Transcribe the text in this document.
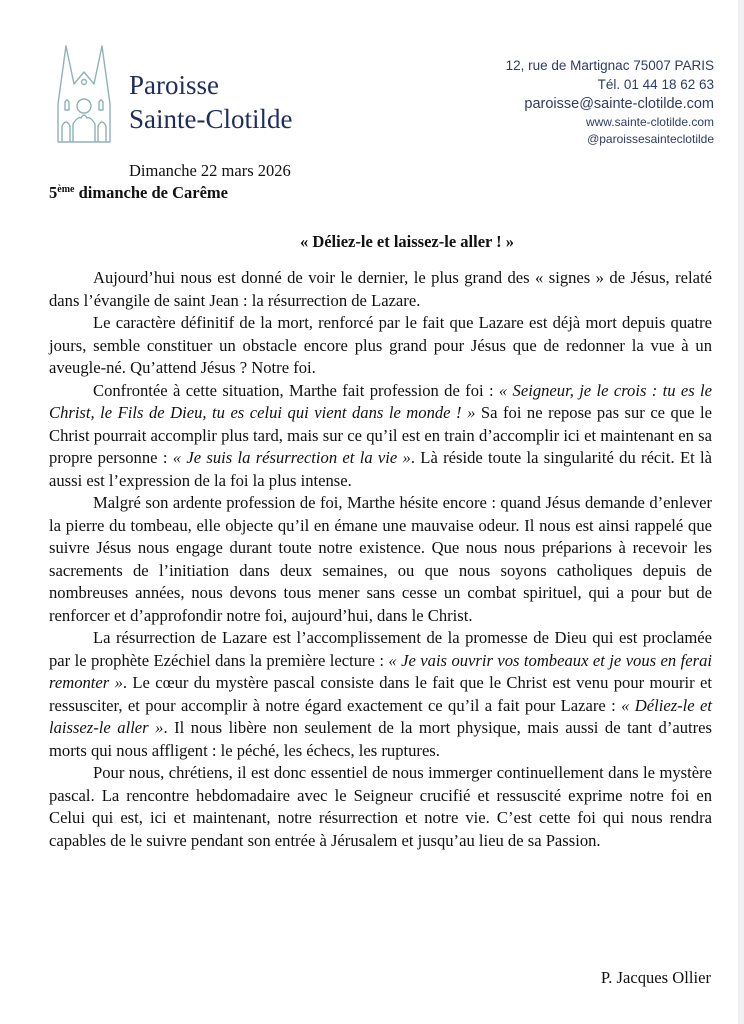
Paroisse
Sainte-Clotilde
12, rue de Martignac 75007 PARIS
Tél. 01 44 18 62 63
paroisse@sainte-clotilde.com
www.sainte-clotilde.com
@paroissesainteclotilde
Dimanche 22 mars 2026
5ème dimanche de Carême
« Déliez-le et laissez-le aller ! »

Aujourd’hui nous est donné de voir le dernier, le plus grand des « signes » de Jésus, relaté dans l’évangile de saint Jean : la résurrection de Lazare.

Le caractère définitif de la mort, renforcé par le fait que Lazare est déjà mort depuis quatre jours, semble constituer un obstacle encore plus grand pour Jésus que de redonner la vue à un aveugle-né. Qu’attend Jésus ? Notre foi.

Confrontée à cette situation, Marthe fait profession de foi : « Seigneur, je le crois : tu es le Christ, le Fils de Dieu, tu es celui qui vient dans le monde ! » Sa foi ne repose pas sur ce que le Christ pourrait accomplir plus tard, mais sur ce qu’il est en train d’accomplir ici et maintenant en sa propre personne : « Je suis la résurrection et la vie ». Là réside toute la singularité du récit. Et là aussi est l’expression de la foi la plus intense.

Malgré son ardente profession de foi, Marthe hésite encore : quand Jésus demande d’enlever la pierre du tombeau, elle objecte qu’il en émane une mauvaise odeur. Il nous est ainsi rappelé que suivre Jésus nous engage durant toute notre existence. Que nous nous préparions à recevoir les sacrements de l’initiation dans deux semaines, ou que nous soyons catholiques depuis de nombreuses années, nous devons tous mener sans cesse un combat spirituel, qui a pour but de renforcer et d’approfondir notre foi, aujourd’hui, dans le Christ.

La résurrection de Lazare est l’accomplissement de la promesse de Dieu qui est proclamée par le prophète Ezéchiel dans la première lecture : « Je vais ouvrir vos tombeaux et je vous en ferai remonter ». Le cœur du mystère pascal consiste dans le fait que le Christ est venu pour mourir et ressusciter, et pour accomplir à notre égard exactement ce qu’il a fait pour Lazare : « Déliez-le et laissez-le aller ». Il nous libère non seulement de la mort physique, mais aussi de tant d’autres morts qui nous affligent : le péché, les échecs, les ruptures.

Pour nous, chrétiens, il est donc essentiel de nous immerger continuellement dans le mystère pascal. La rencontre hebdomadaire avec le Seigneur crucifié et ressuscité exprime notre foi en Celui qui est, ici et maintenant, notre résurrection et notre vie. C’est cette foi qui nous rendra capables de le suivre pendant son entrée à Jérusalem et jusqu’au lieu de sa Passion.

P. Jacques Ollier
